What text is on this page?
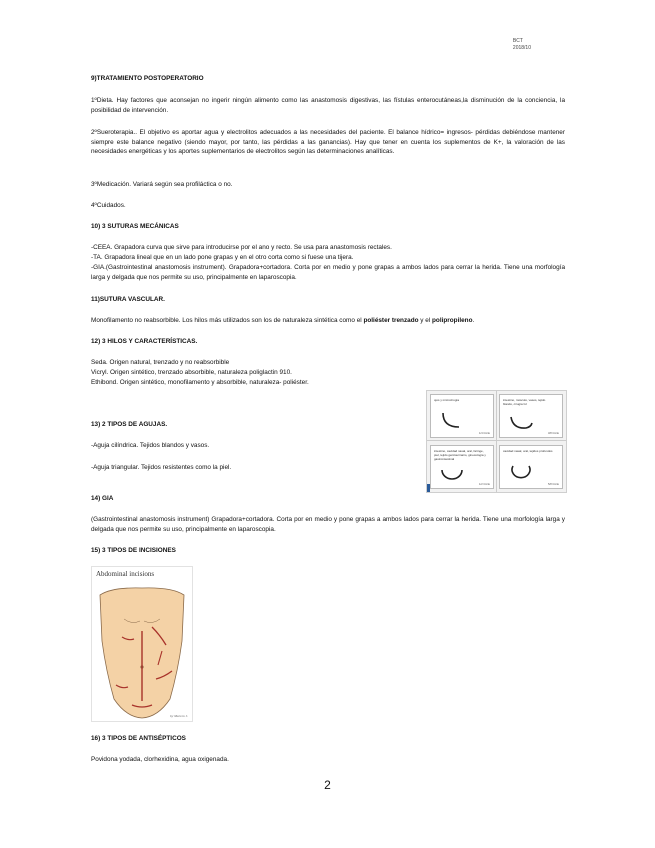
BCT
2018/10
9)TRATAMIENTO POSTOPERATORIO
1ºDieta. Hay factores que aconsejan no ingerir ningún alimento como las anastomosis digestivas, las fístulas enterocutáneas,la disminución de la conciencia, la posibilidad de intervención.
2ºSueroterapia.. El objetivo es aportar agua y electrolitos adecuados a las necesidades del paciente. El balance hídrico= ingresos- pérdidas debiéndose mantener siempre este balance negativo (siendo mayor, por tanto, las pérdidas a las ganancias). Hay que tener en cuenta los suplementos de K+, la valoración de las necesidades energéticas y los aportes suplementarios de electrolitos según las determinaciones analíticas.
3ºMedicación. Variará según sea profiláctica o no.
4ºCuidados.
10) 3 SUTURAS MECÁNICAS
-CEEA. Grapadora curva que sirve para introducirse por el ano y recto. Se usa para anastomosis rectales.
-TA. Grapadora lineal que en un lado pone grapas y en el otro corta como si fuese una tijera.
-GIA.(Gastrointestinal anastomosis instrument). Grapadora+cortadora. Corta por en medio y pone grapas a ambos lados para cerrar la herida. Tiene una morfología larga y delgada que nos permite su uso, principalmente en laparoscopia.
11)SUTURA VASCULAR.
Monofilamento no reabsorbible. Los hilos más utilizados son los de naturaleza sintética como el poliéster trenzado y el polipropileno.
12) 3 HILOS Y CARACTERÍSTICAS.
Seda. Origen natural, trenzado y no reabsorbible
Vicryl. Origen sintético, trenzado absorbible, naturaleza poliglactin 910.
Ethibond. Origen sintético, monofilamento y absorbible, naturaleza- poliéster.
13) 2 TIPOS DE AGUJAS.
-Aguja cilíndrica. Tejidos blandos y vasos.
-Aguja triangular. Tejidos resistentes como la piel.
ojos y microcirugía
1/4 Circle
intestino, músculo, vasos, tejido blando, cirugía GI
3/8 Circle
intestino, cavidad nasal, oral, faringe, piel, tejido genitourinario, ginecología y gastrointestinal
1/2 Circle
cavidad nasal, oral, tejidos profundos
5/8 Circle
14) GIA
(Gastrointestinal anastomosis instrument) Grapadora+cortadora. Corta por en medio y pone grapas a ambos lados para cerrar la herida. Tiene una morfología larga y delgada que nos permite su uso, principalmente en laparoscopia.
15) 3 TIPOS DE INCISIONES
Abdominal incisions
by Marcos J.
16) 3 TIPOS DE ANTISÉPTICOS
Povidona yodada, clorhexidina, agua oxigenada.
2
